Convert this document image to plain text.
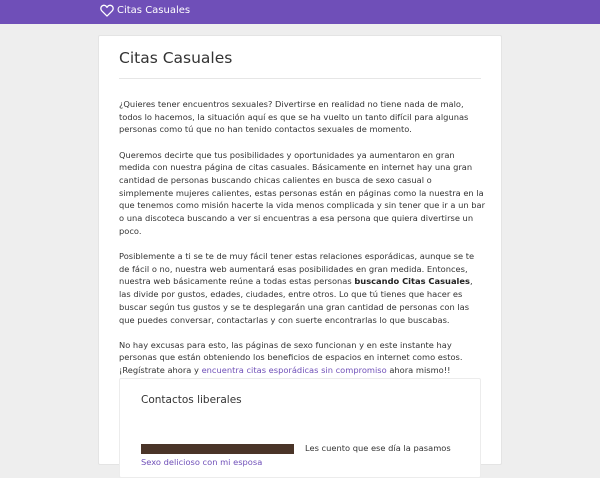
Citas Casuales
Citas Casuales

¿Quieres tener encuentros sexuales? Divertirse en realidad no tiene nada de malo, todos lo hacemos, la situación aquí es que se ha vuelto un tanto difícil para algunas personas como tú que no han tenido contactos sexuales de momento.

Queremos decirte que tus posibilidades y oportunidades ya aumentaron en gran medida con nuestra página de citas casuales. Básicamente en internet hay una gran cantidad de personas buscando chicas calientes en busca de sexo casual o simplemente mujeres calientes, estas personas están en páginas como la nuestra en la que tenemos como misión hacerte la vida menos complicada y sin tener que ir a un bar o una discoteca buscando a ver si encuentras a esa persona que quiera divertirse un poco.

Posiblemente a ti se te de muy fácil tener estas relaciones esporádicas, aunque se te de fácil o no, nuestra web aumentará esas posibilidades en gran medida. Entonces, nuestra web básicamente reúne a todas estas personas buscando Citas Casuales, las divide por gustos, edades, ciudades, entre otros. Lo que tú tienes que hacer es buscar según tus gustos y se te desplegarán una gran cantidad de personas con las que puedes conversar, contactarlas y con suerte encontrarlas lo que buscabas.

No hay excusas para esto, las páginas de sexo funcionan y en este instante hay personas que están obteniendo los beneficios de espacios en internet como estos. ¡Regístrate ahora y encuentra citas esporádicas sin compromiso ahora mismo!!

Contactos liberales
Sexo delicioso con mi esposa
Les cuento que ese día la pasamos
